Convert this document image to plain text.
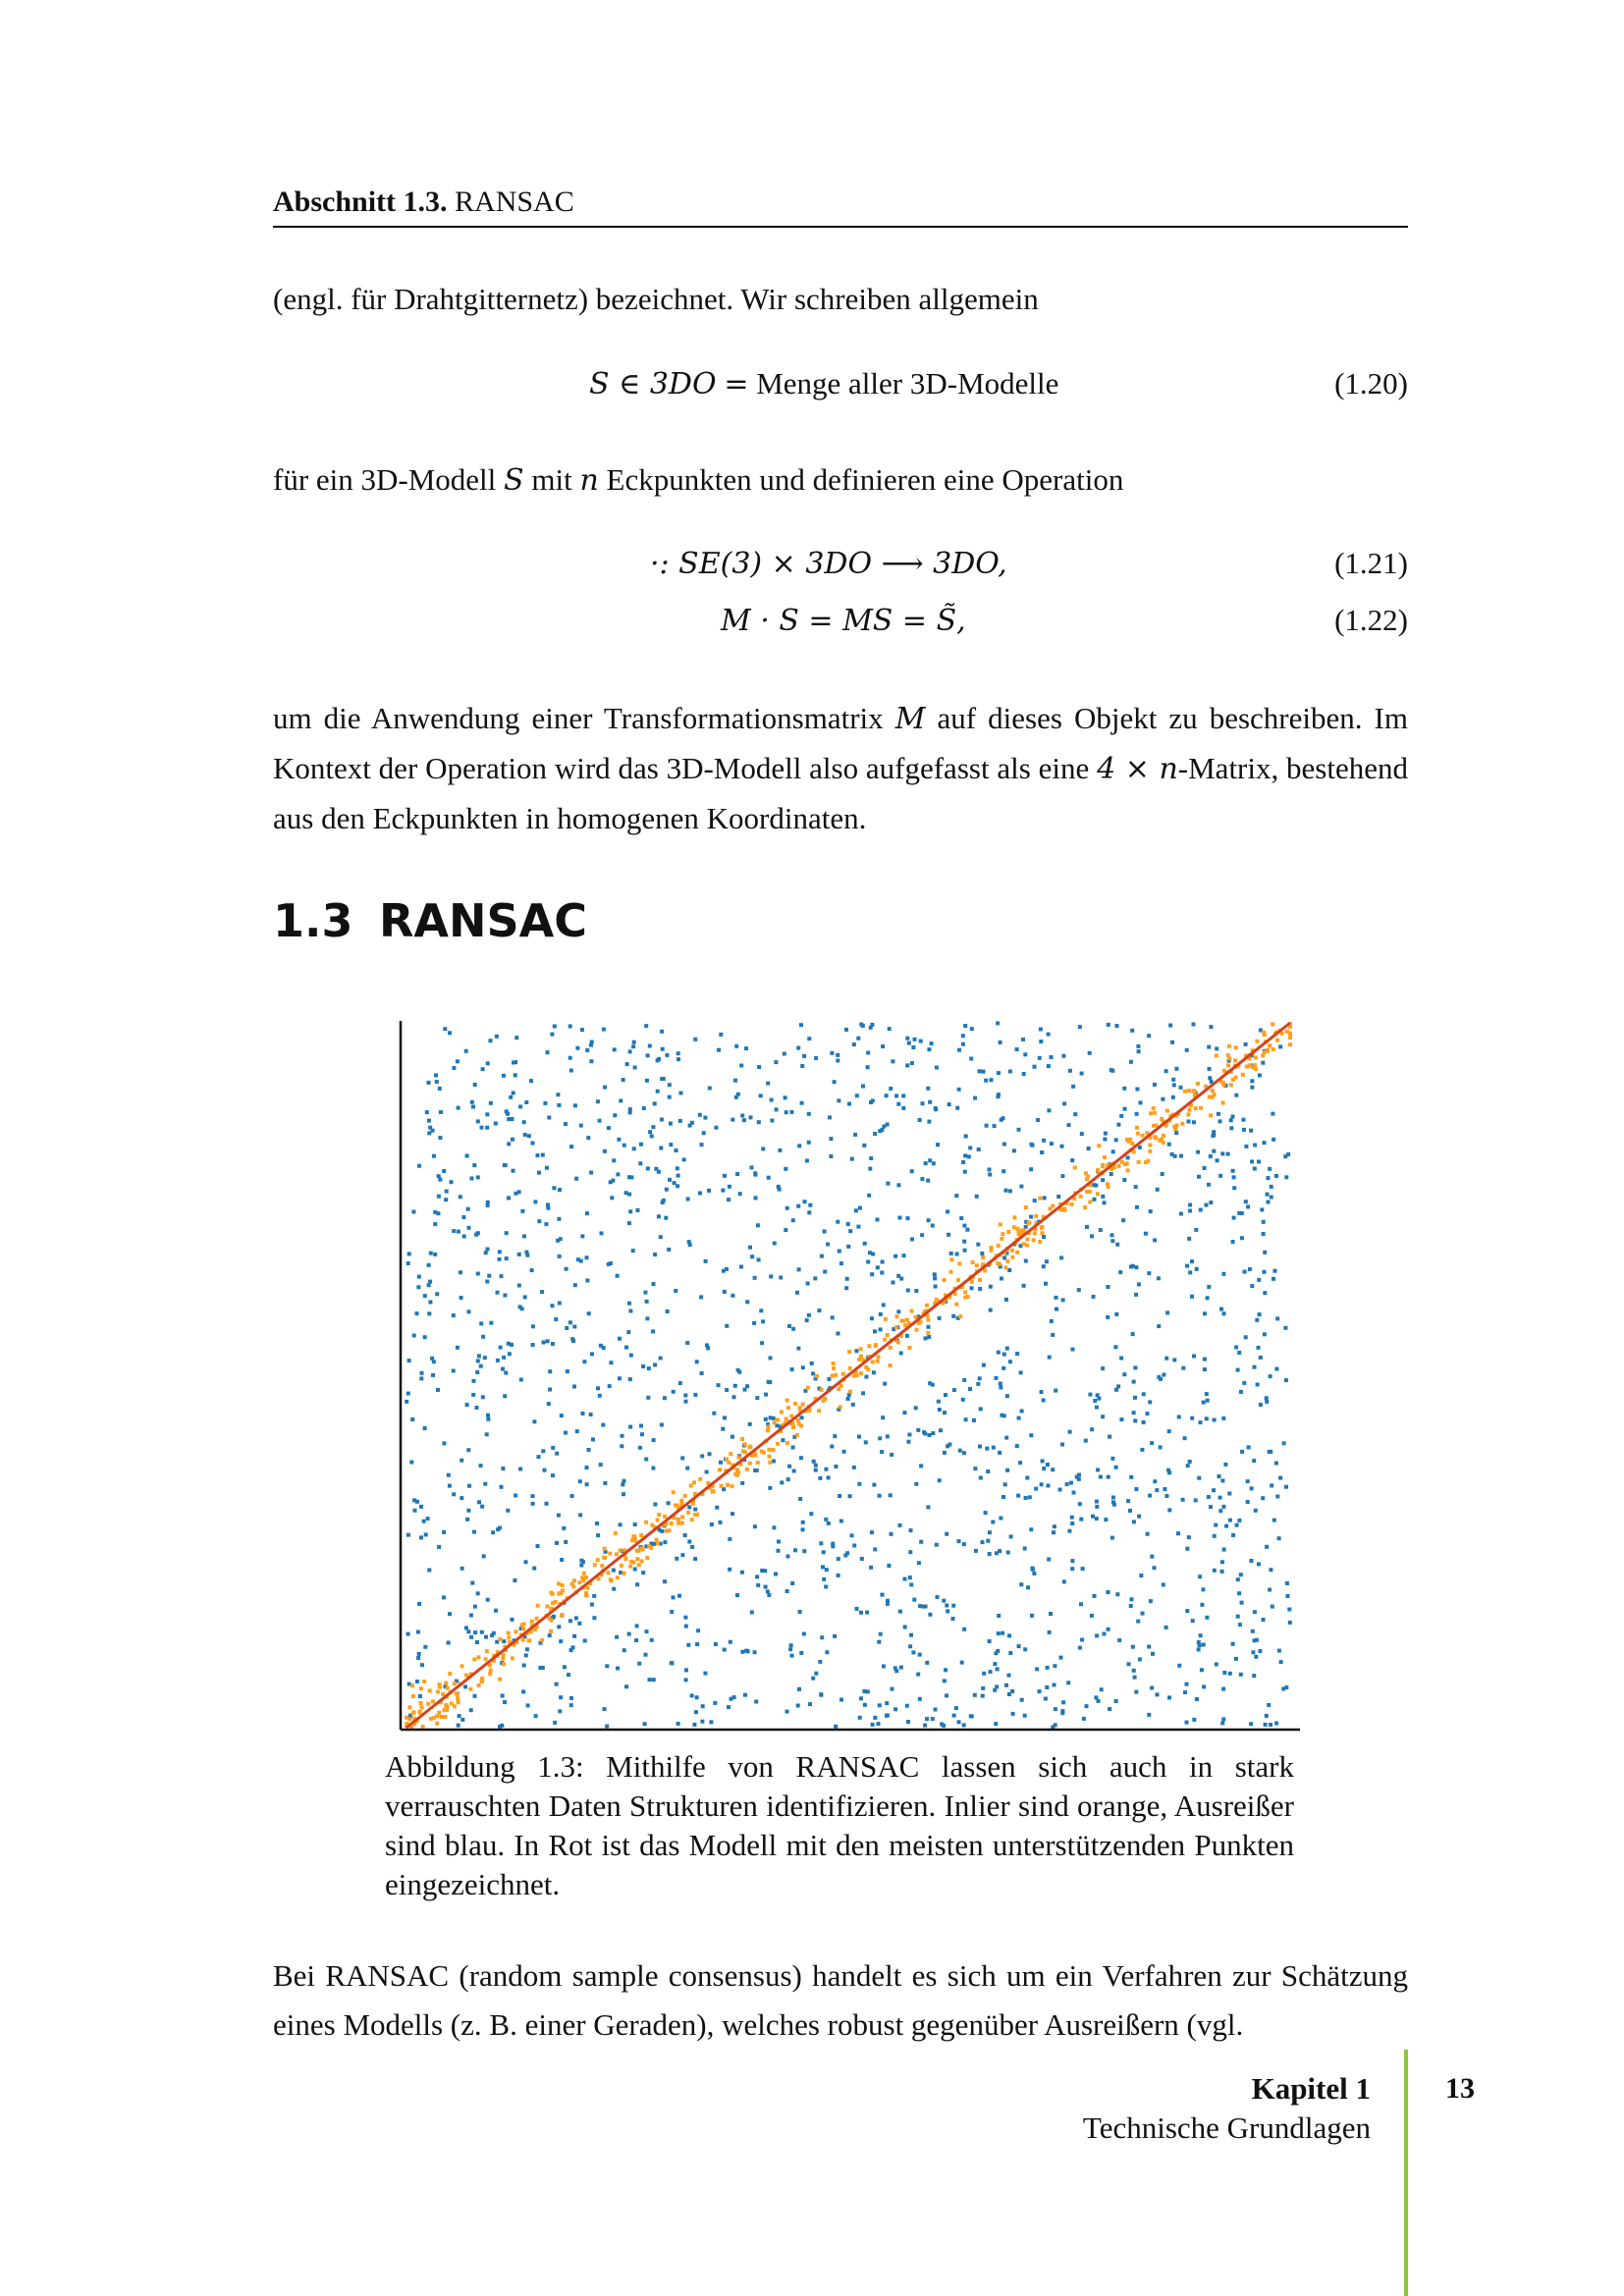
Abschnitt 1.3. RANSAC
(engl. für Drahtgitternetz) bezeichnet. Wir schreiben allgemein
S ∈ 3DO = Menge aller 3D-Modelle	(1.20)
für ein 3D-Modell S mit n Eckpunkten und definieren eine Operation
·: SE(3) × 3DO ⟶ 3DO,	(1.21)
M · S = MS = S̃,	(1.22)
um die Anwendung einer Transformationsmatrix M auf dieses Objekt zu beschreiben. Im Kontext der Operation wird das 3D-Modell also aufgefasst als eine 4 × n-Matrix, bestehend aus den Eckpunkten in homogenen Koordinaten.
1.3 RANSAC
Abbildung 1.3: Mithilfe von RANSAC lassen sich auch in stark verrauschten Daten Strukturen identifizieren. Inlier sind orange, Ausreißer sind blau. In Rot ist das Modell mit den meisten unterstützenden Punkten eingezeichnet.
Bei RANSAC (random sample consensus) handelt es sich um ein Verfahren zur Schätzung eines Modells (z. B. einer Geraden), welches robust gegenüber Ausreißern (vgl.
Kapitel 1
Technische Grundlagen
13
